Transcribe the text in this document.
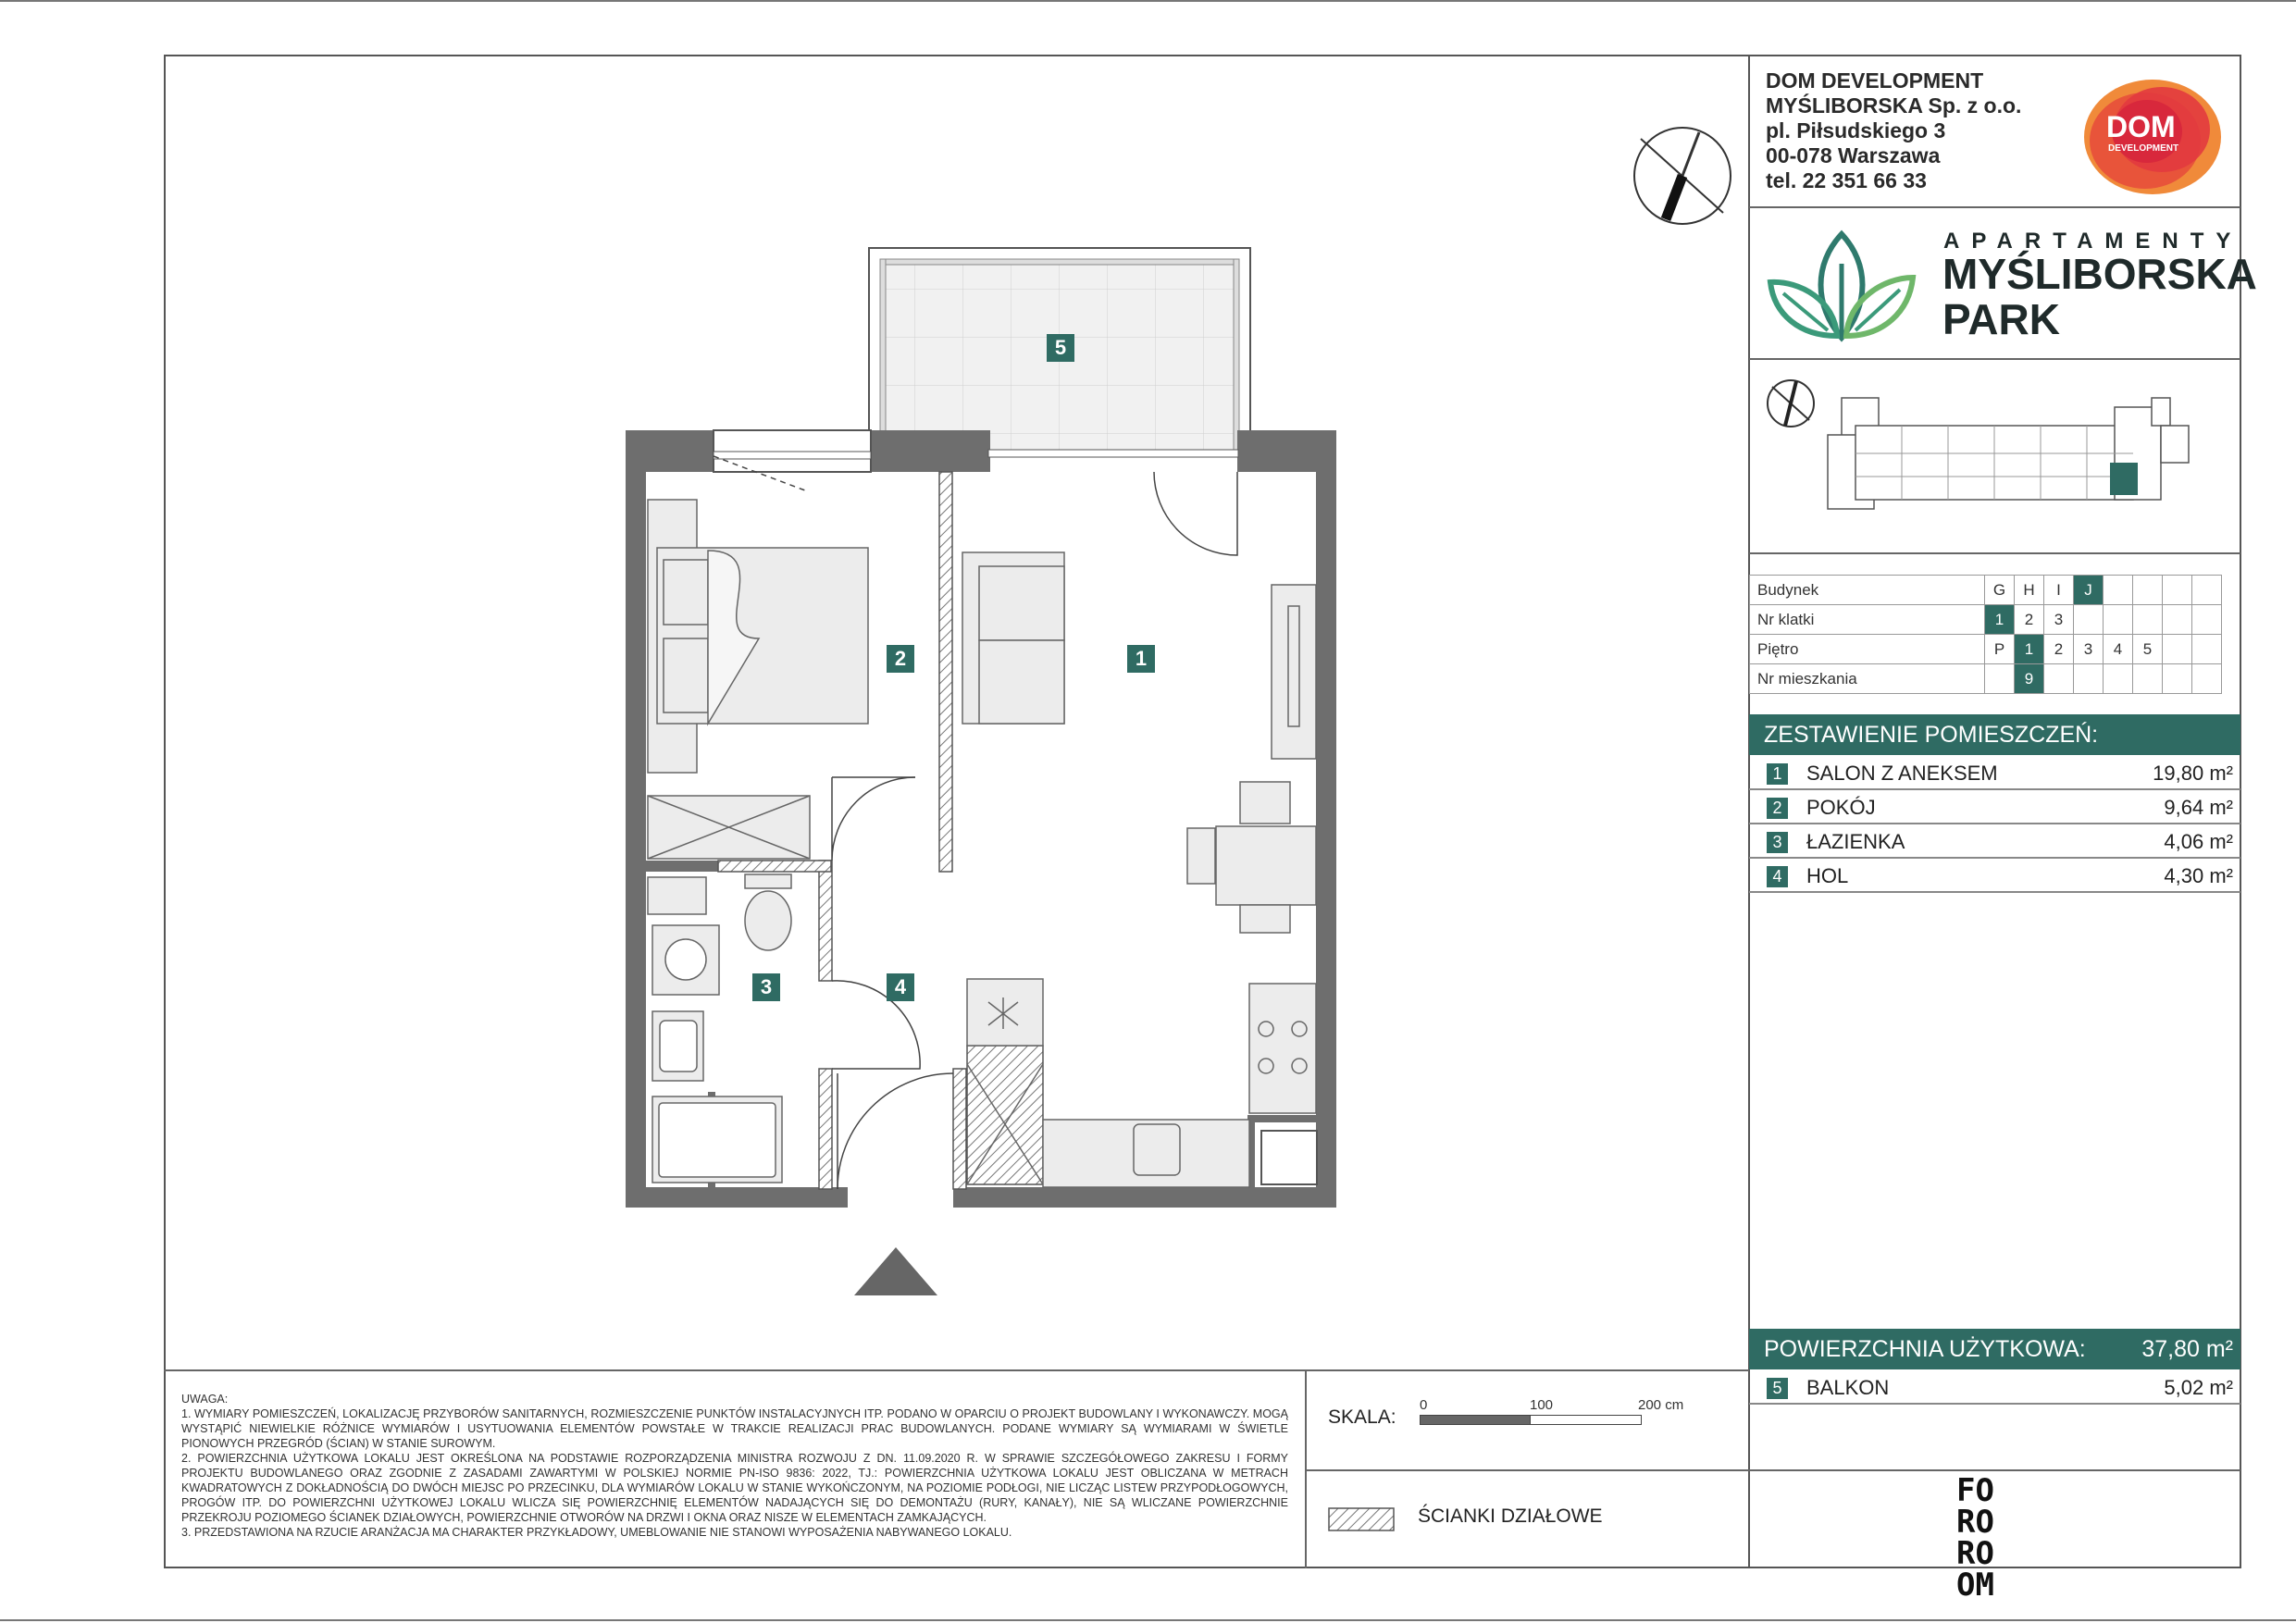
5
1
2
3	4
DOM DEVELOPMENT
MYŚLIBORSKA Sp. z o.o.
pl. Piłsudskiego 3
00-078 Warszawa
tel. 22 351 66 33
DOM
DEVELOPMENT
APARTAMENTY
MYŚLIBORSKA
PARK
Budynek	G	H	I	J				
Nr klatki	1	2	3					
Piętro	P	1	2	3	4	5		
Nr mieszkania		9						
ZESTAWIENIE POMIESZCZEŃ:
1 SALON Z ANEKSEM	19,80 m²
2 POKÓJ	9,64 m²
3 ŁAZIENKA	4,06 m²
4 HOL	4,30 m²
POWIERZCHNIA UŻYTKOWA: 37,80 m²
5 BALKON	5,02 m²
UWAGA:
1. WYMIARY POMIESZCZEŃ, LOKALIZACJĘ PRZYBORÓW SANITARNYCH, ROZMIESZCZENIE PUNKTÓW INSTALACYJNYCH ITP. PODANO W OPARCIU O PROJEKT BUDOWLANY I WYKONAWCZY. MOGĄ WYSTĄPIĆ NIEWIELKIE RÓŻNICE WYMIARÓW I USYTUOWANIA ELEMENTÓW POWSTAŁE W TRAKCIE REALIZACJI PRAC BUDOWLANYCH. PODANE WYMIARY SĄ WYMIARAMI W ŚWIETLE PIONOWYCH PRZEGRÓD (ŚCIAN) W STANIE SUROWYM.
2. POWIERZCHNIA UŻYTKOWA LOKALU JEST OKREŚLONA NA PODSTAWIE ROZPORZĄDZENIA MINISTRA ROZWOJU Z DN. 11.09.2020 R. W SPRAWIE SZCZEGÓŁOWEGO ZAKRESU I FORMY PROJEKTU BUDOWLANEGO ORAZ ZGODNIE Z ZASADAMI ZAWARTYMI W POLSKIEJ NORMIE PN-ISO 9836: 2022, TJ.: POWIERZCHNIA UŻYTKOWA LOKALU JEST OBLICZANA W METRACH KWADRATOWYCH Z DOKŁADNOŚCIĄ DO DWÓCH MIEJSC PO PRZECINKU, DLA WYMIARÓW LOKALU W STANIE WYKOŃCZONYM, NA POZIOMIE PODŁOGI, NIE LICZĄC LISTEW PRZYPODŁOGOWYCH, PROGÓW ITP. DO POWIERZCHNI UŻYTKOWEJ LOKALU WLICZA SIĘ POWIERZCHNIĘ ELEMENTÓW NADAJĄCYCH SIĘ DO DEMONTAŻU (RURY, KANAŁY), NIE SĄ WLICZANE POWIERZCHNIE PRZEKROJU POZIOMEGO ŚCIANEK DZIAŁOWYCH, POWIERZCHNIE OTWORÓW NA DRZWI I OKNA ORAZ NISZE W ELEMENTACH ZAMKAJĄCYCH.
3. PRZEDSTAWIONA NA RZUCIE ARANŻACJA MA CHARAKTER PRZYKŁADOWY, UMEBLOWANIE NIE STANOWI WYPOSAŻENIA NABYWANEGO LOKALU.
SKALA:
0	100	200 cm
ŚCIANKI DZIAŁOWE
FO
RO
RO
OM
